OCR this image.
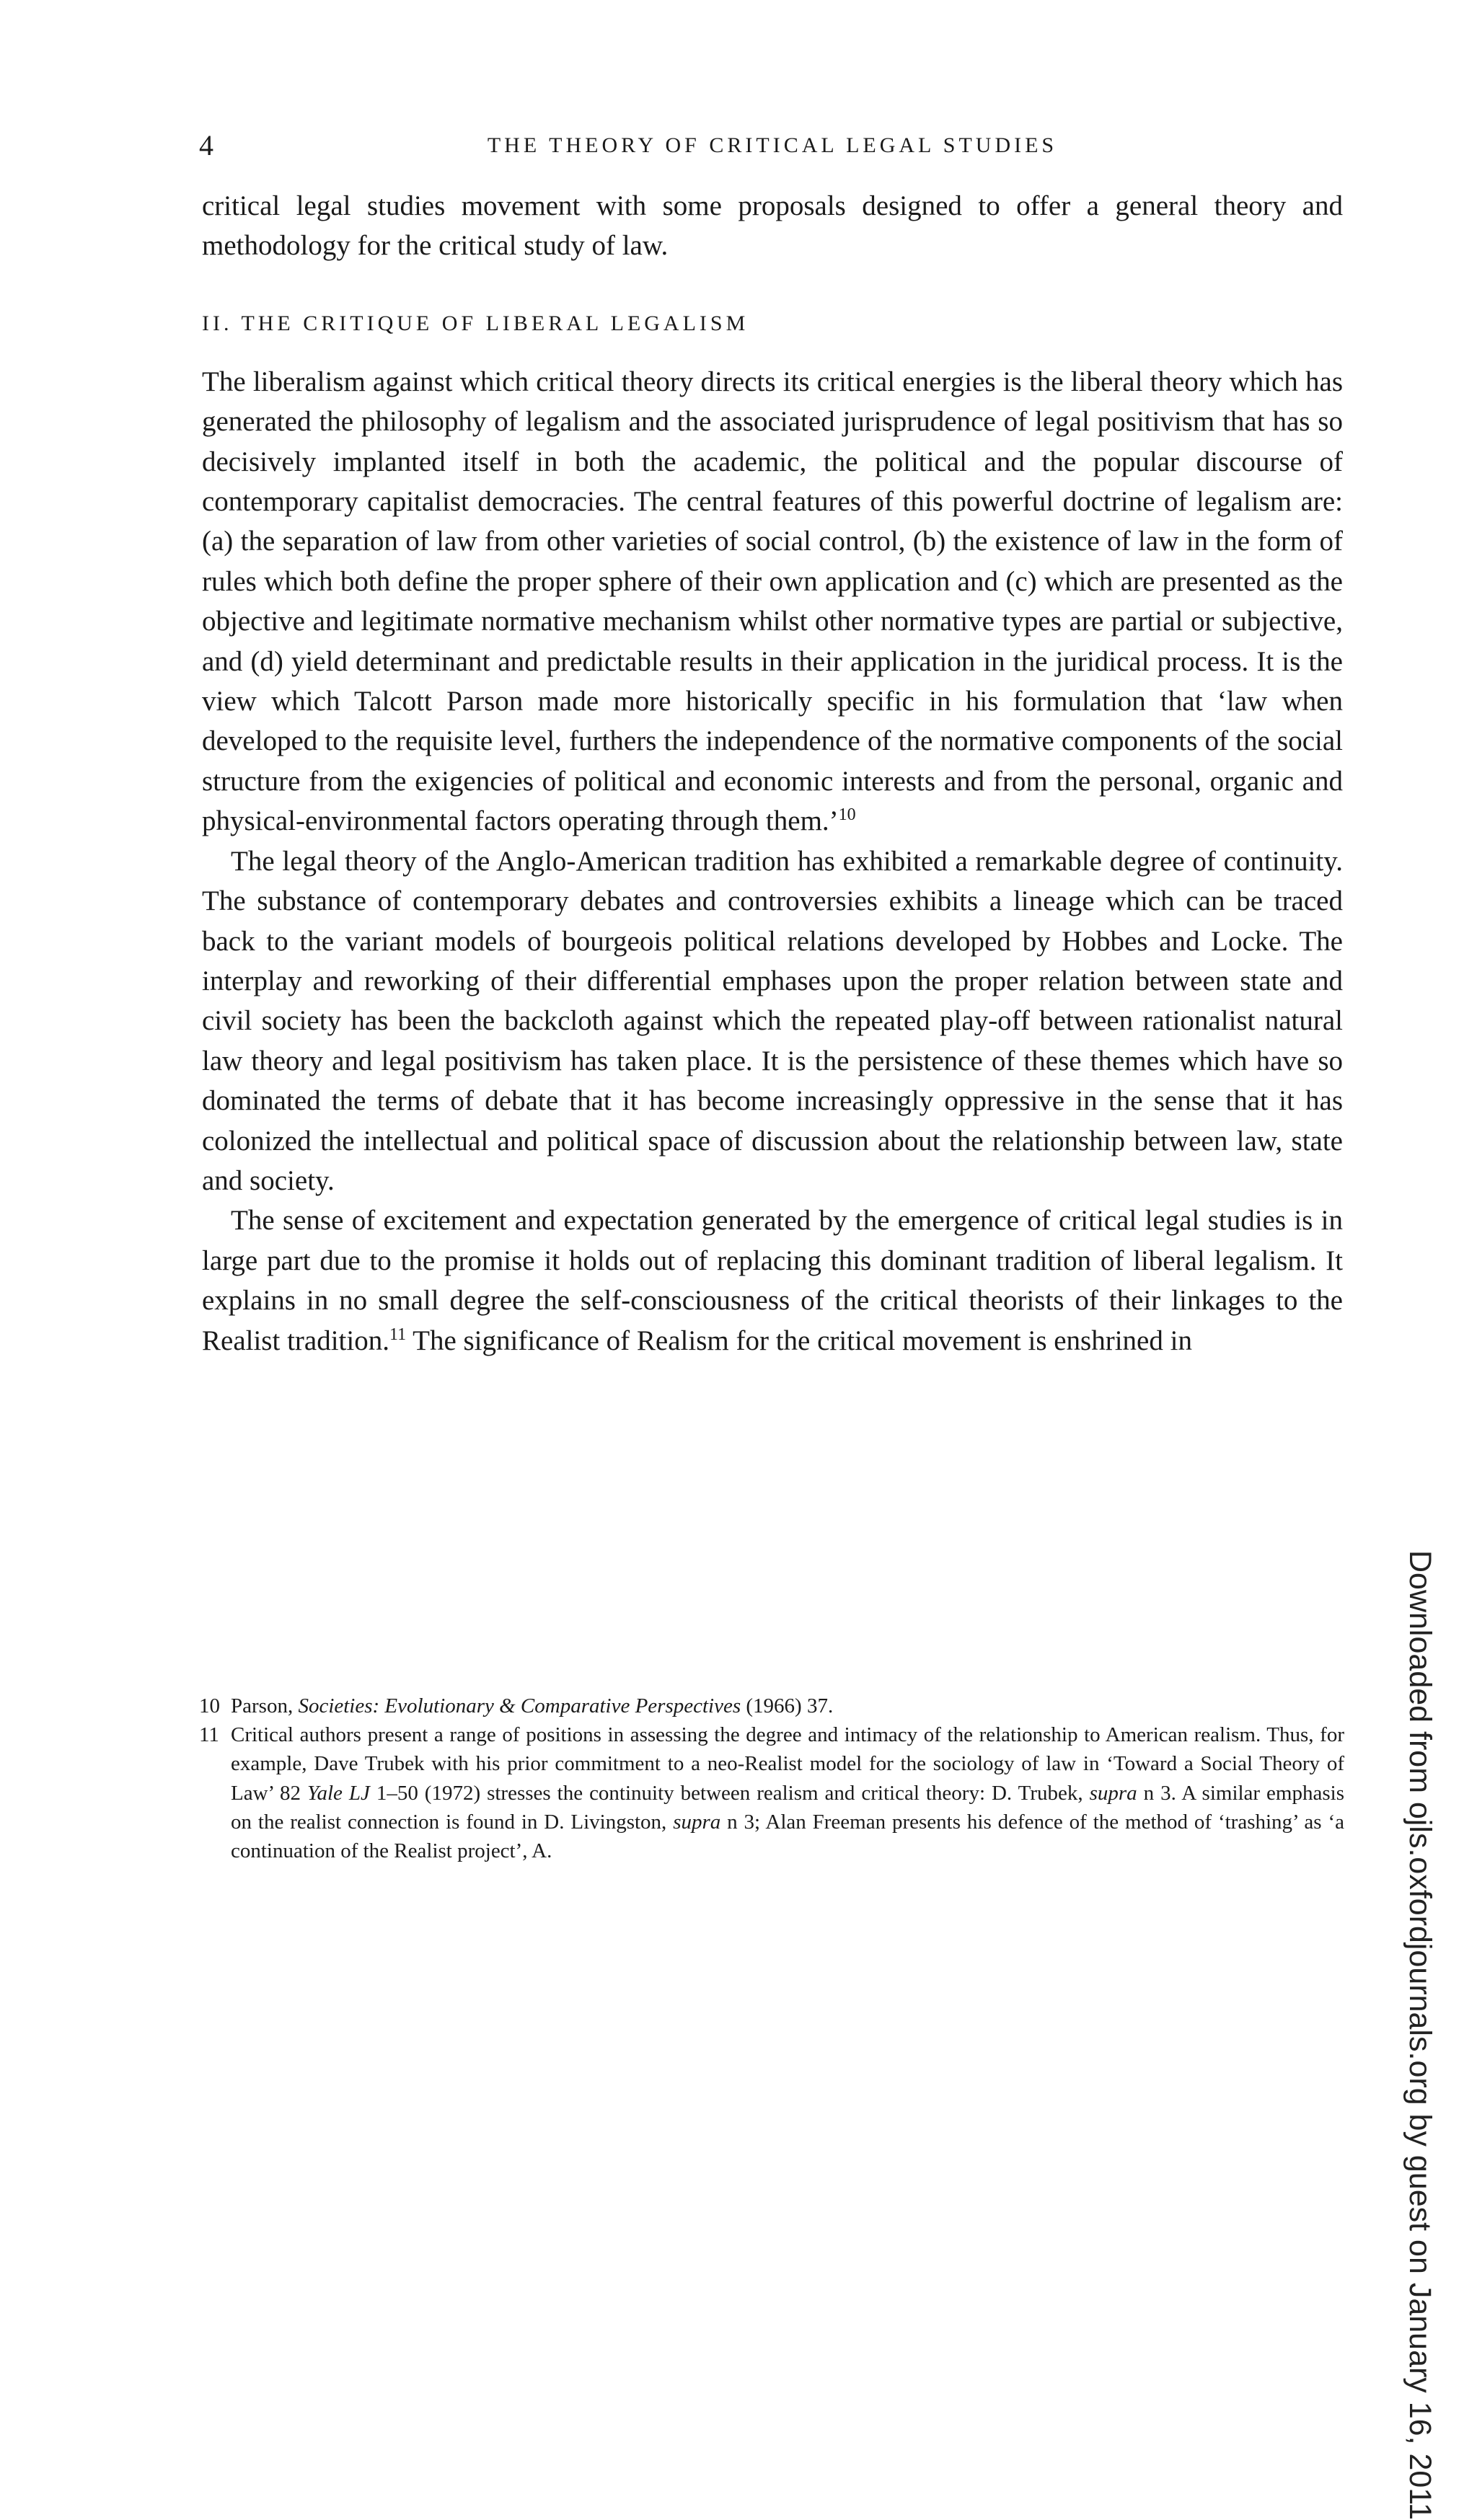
4	THE THEORY OF CRITICAL LEGAL STUDIES

critical legal studies movement with some proposals designed to offer a general theory and methodology for the critical study of law.

II. THE CRITIQUE OF LIBERAL LEGALISM

The liberalism against which critical theory directs its critical energies is the liberal theory which has generated the philosophy of legalism and the associated jurisprudence of legal positivism that has so decisively implanted itself in both the academic, the political and the popular discourse of contemporary capitalist democracies. The central features of this powerful doctrine of legalism are: (a) the separation of law from other varieties of social control, (b) the existence of law in the form of rules which both define the proper sphere of their own application and (c) which are presented as the objective and legitimate normative mechanism whilst other normative types are partial or subjective, and (d) yield determinant and predictable results in their application in the juridical process. It is the view which Talcott Parson made more historically specific in his formulation that ‘law when developed to the requisite level, furthers the independence of the normative components of the social structure from the exigencies of political and economic interests and from the personal, organic and physical-environmental factors operating through them.’$^{10}$

The legal theory of the Anglo-American tradition has exhibited a remarkable degree of continuity. The substance of contemporary debates and controversies exhibits a lineage which can be traced back to the variant models of bourgeois political relations developed by Hobbes and Locke. The interplay and reworking of their differential emphases upon the proper relation between state and civil society has been the backcloth against which the repeated play-off between rationalist natural law theory and legal positivism has taken place. It is the persistence of these themes which have so dominated the terms of debate that it has become increasingly oppressive in the sense that it has colonized the intellectual and political space of discussion about the relationship between law, state and society.

The sense of excitement and expectation generated by the emergence of critical legal studies is in large part due to the promise it holds out of replacing this dominant tradition of liberal legalism. It explains in no small degree the self-consciousness of the critical theorists of their linkages to the Realist tradition.$^{11}$ The significance of Realism for the critical movement is enshrined in

10 Parson, Societies: Evolutionary & Comparative Perspectives (1966) 37.

11 Critical authors present a range of positions in assessing the degree and intimacy of the relationship to American realism. Thus, for example, Dave Trubek with his prior commitment to a neo-Realist model for the sociology of law in ‘Toward a Social Theory of Law’ 82 Yale LJ 1–50 (1972) stresses the continuity between realism and critical theory: D. Trubek, supra n 3. A similar emphasis on the realist connection is found in D. Livingston, supra n 3; Alan Freeman presents his defence of the method of ‘trashing’ as ‘a continuation of the Realist project’, A.	Downloaded from ojls.oxfordjournals.org by guest on January 16, 2011
